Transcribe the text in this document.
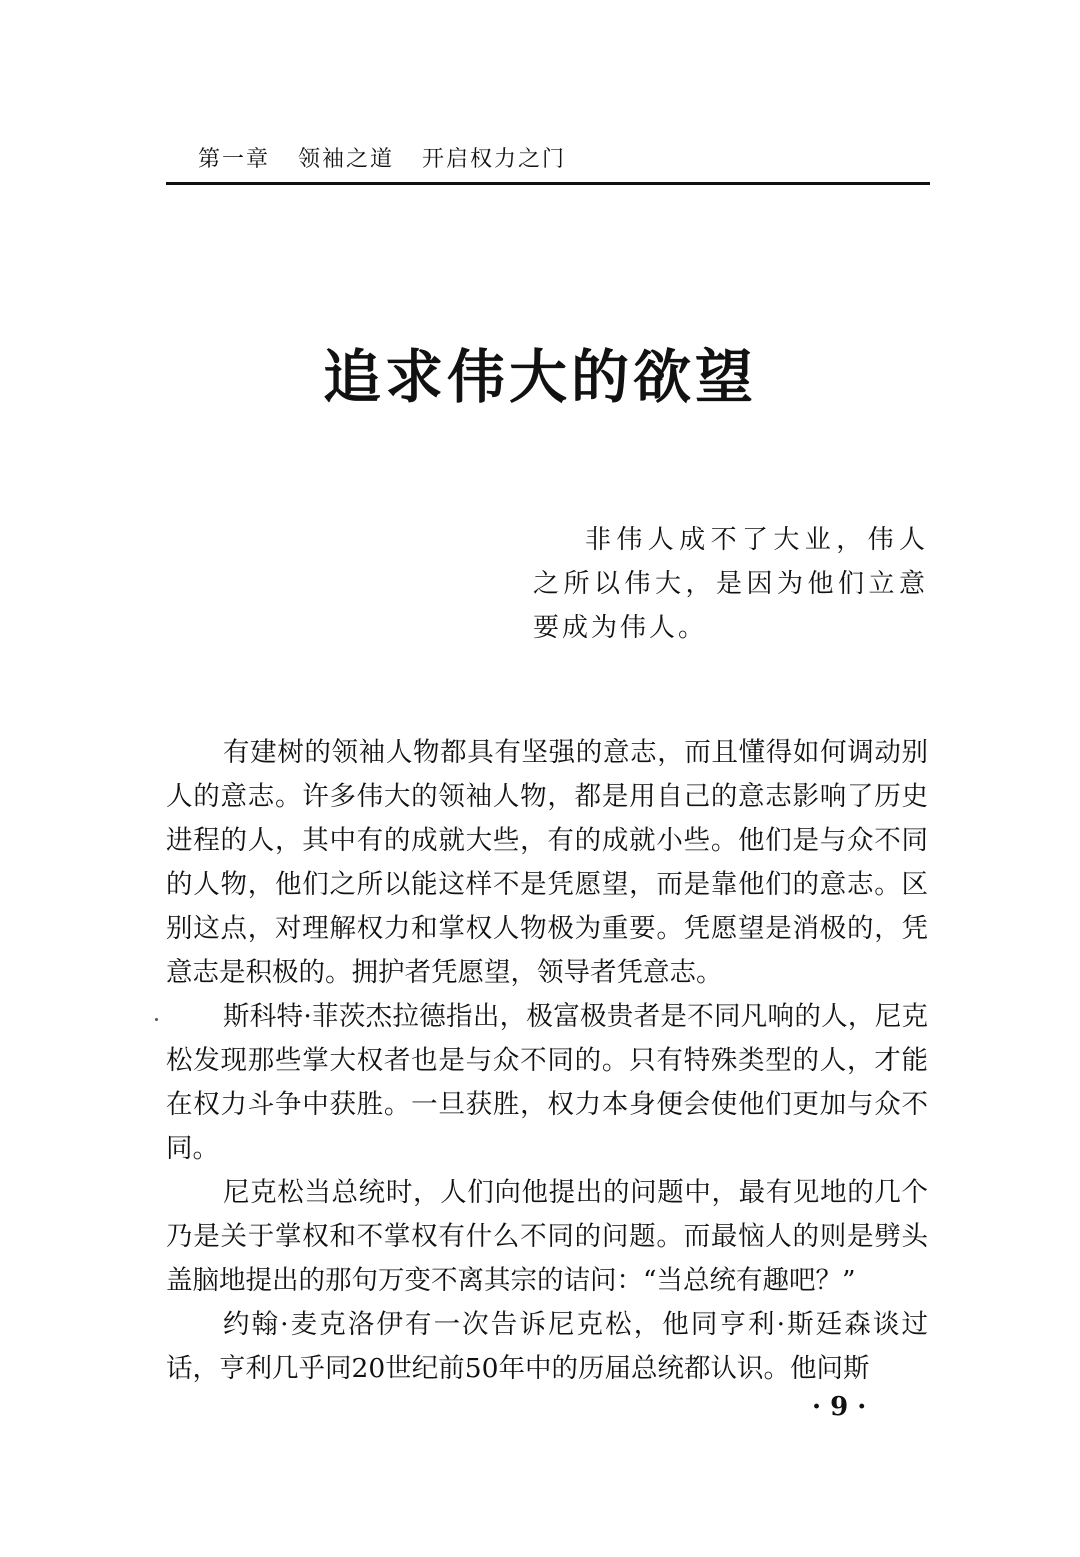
第一章 领袖之道 开启权力之门
追求伟大的欲望

非伟人成不了大业，伟人之所以伟大，是因为他们立意要成为伟人。

有建树的领袖人物都具有坚强的意志，而且懂得如何调动别人的意志。许多伟大的领袖人物，都是用自己的意志影响了历史进程的人，其中有的成就大些，有的成就小些。他们是与众不同的人物，他们之所以能这样不是凭愿望，而是靠他们的意志。区别这点，对理解权力和掌权人物极为重要。凭愿望是消极的，凭意志是积极的。拥护者凭愿望，领导者凭意志。

斯科特·菲茨杰拉德指出，极富极贵者是不同凡响的人，尼克松发现那些掌大权者也是与众不同的。只有特殊类型的人，才能在权力斗争中获胜。一旦获胜，权力本身便会使他们更加与众不同。

尼克松当总统时，人们向他提出的问题中，最有见地的几个乃是关于掌权和不掌权有什么不同的问题。而最恼人的则是劈头盖脑地提出的那句万变不离其宗的诘问：“当总统有趣吧？”

约翰·麦克洛伊有一次告诉尼克松，他同亨利·斯廷森谈过话，亨利几乎同20世纪前50年中的历届总统都认识。他问斯

· 9 ·
